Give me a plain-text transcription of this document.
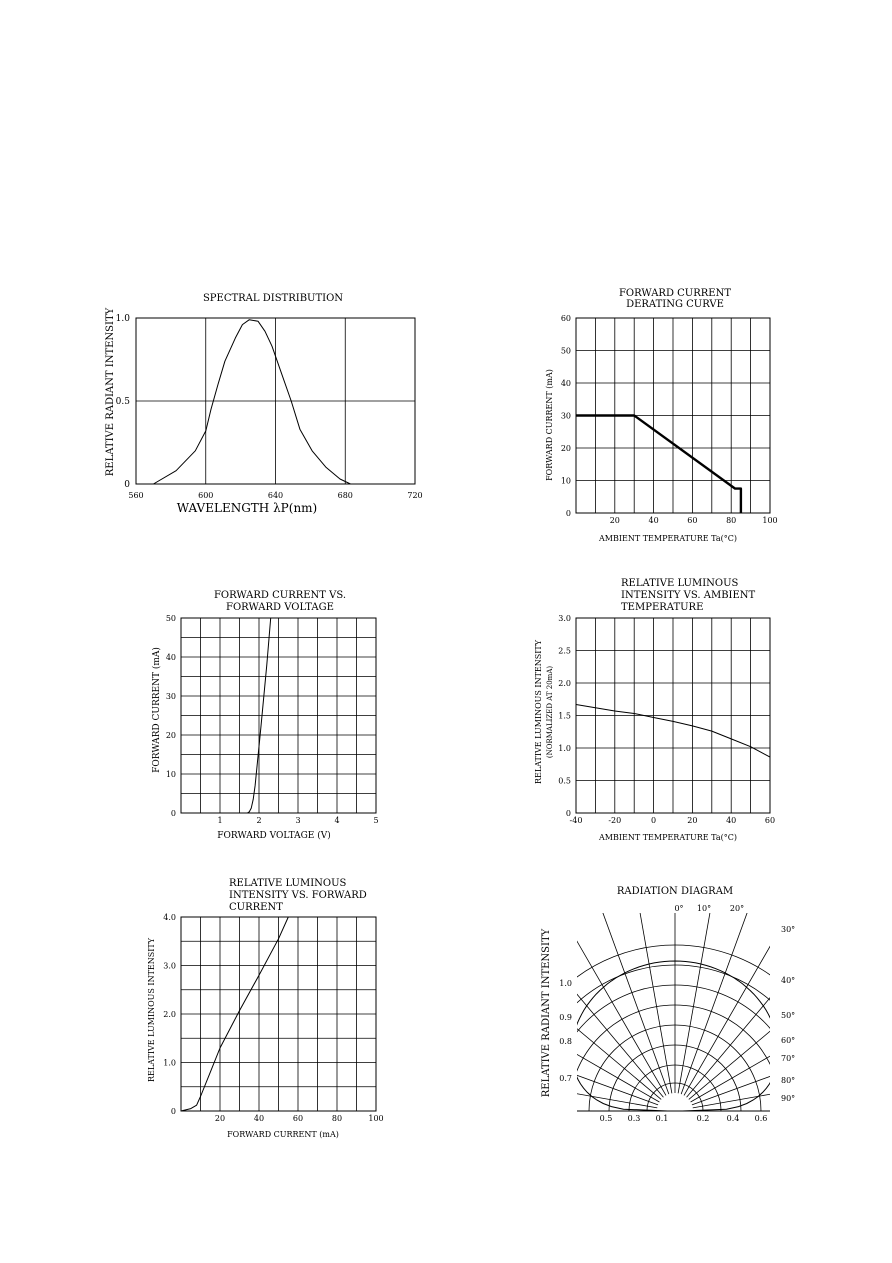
SPECTRAL DISTRIBUTION
560	600	640	680	720
0
0.5
1.0
WAVELENGTH λP(nm)
RELATIVE RADIANT INTENSITY
FORWARD CURRENT
DERATING CURVE
20	40	60	80	100
0
10
20
30
40
50
60
AMBIENT TEMPERATURE Ta(°C)
FORWARD CURRENT (mA)
FORWARD CURRENT VS.
FORWARD VOLTAGE
1	2	3	4	5
0
10
20
30
40
50
FORWARD VOLTAGE (V)
FORWARD CURRENT (mA)
RELATIVE LUMINOUS
INTENSITY VS. AMBIENT
TEMPERATURE
-40	-20	0	20	40	60
0
0.5
1.0
1.5
2.0
2.5
3.0
AMBIENT TEMPERATURE Ta(°C)
RELATIVE LUMINOUS INTENSITY (NORMALIZED AT 20mA)
RELATIVE LUMINOUS
INTENSITY VS. FORWARD
CURRENT
20	40	60	80	100
0
1.0
2.0
3.0
4.0
FORWARD CURRENT (mA)
RELATIVE LUMINOUS INTENSITY
RADIATION DIAGRAM
0° 10° 20°
30°
40°
50°
60°
70°
80°
90°
1.0
0.9
0.8
0.7
0.5 0.3 0.1	0.2 0.4 0.6
RELATIVE RADIANT INTENSITY
